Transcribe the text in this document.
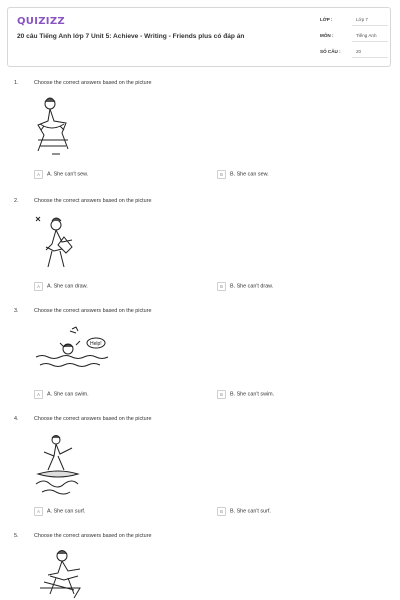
QUIZIZZ
20 câu Tiếng Anh lớp 7 Unit 5: Achieve - Writing - Friends plus có đáp án
LỚP :	Lớp 7
MÔN :	Tiếng Anh
SỐ CÂU :	20
1.	Choose the correct answers based on the picture
A A. She can't sew.	B B. She can sew.
2.	Choose the correct answers based on the picture
A A. She can draw.	B B. She can't draw.
3.	Choose the correct answers based on the picture
Help!
A A. She can swim.	B B. She can't swim.
4.	Choose the correct answers based on the picture
A A. She can surf.	B B. She can't surf.
5.	Choose the correct answers based on the picture
